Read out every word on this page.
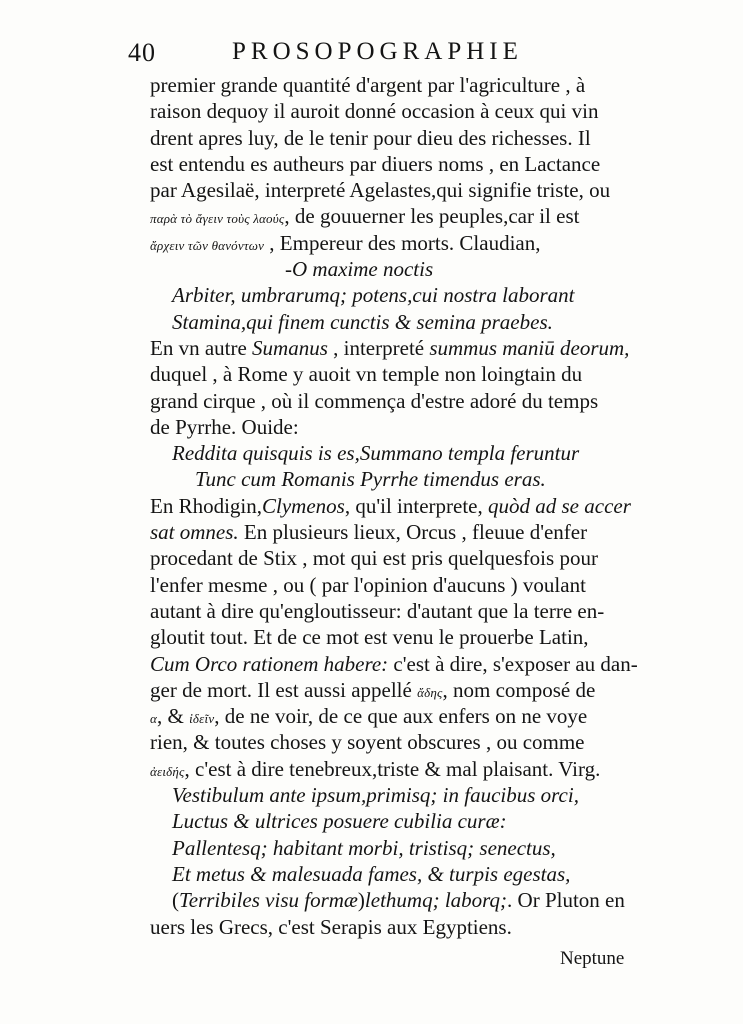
40	PROSOPOGRAPHIE
premier grande quantité d'argent par l'agriculture , à
raison dequoy il auroit donné occasion à ceux qui vin
drent apres luy, de le tenir pour dieu des richesses. Il
est entendu es autheurs par diuers noms , en Lactance
par Agesilaë, interpreté Agelastes,qui signifie triste, ou
παρὰ τὸ ἄγειν τοὺς λαούς, de gouuerner les peuples,car il est
ἄρχειν τῶν θανόντων , Empereur des morts. Claudian,
-O maxime noctis
Arbiter, umbrarumq; potens,cui nostra laborant
Stamina,qui finem cunctis & semina praebes.
En vn autre Sumanus , interpreté summus maniū deorum,
duquel , à Rome y auoit vn temple non loingtain du
grand cirque , où il commença d'estre adoré du temps
de Pyrrhe. Ouide:
Reddita quisquis is es,Summano templa feruntur
Tunc cum Romanis Pyrrhe timendus eras.
En Rhodigin,Clymenos, qu'il interprete, quòd ad se accer
sat omnes. En plusieurs lieux, Orcus , fleuue d'enfer
procedant de Stix , mot qui est pris quelquesfois pour
l'enfer mesme , ou ( par l'opinion d'aucuns ) voulant
autant à dire qu'engloutisseur: d'autant que la terre en-
gloutit tout. Et de ce mot est venu le prouerbe Latin,
Cum Orco rationem habere: c'est à dire, s'exposer au dan-
ger de mort. Il est aussi appellé ἄδης, nom composé de
α, & ἰδεῖν, de ne voir, de ce que aux enfers on ne voye
rien, & toutes choses y soyent obscures , ou comme
ἀειδής, c'est à dire tenebreux,triste & mal plaisant. Virg.
Vestibulum ante ipsum,primisq; in faucibus orci,
Luctus & ultrices posuere cubilia curæ:
Pallentesq; habitant morbi, tristisq; senectus,
Et metus & malesuada fames, & turpis egestas,
(Terribiles visu formæ)lethumq; laborq;. Or Pluton en
uers les Grecs, c'est Serapis aux Egyptiens.
Neptune
